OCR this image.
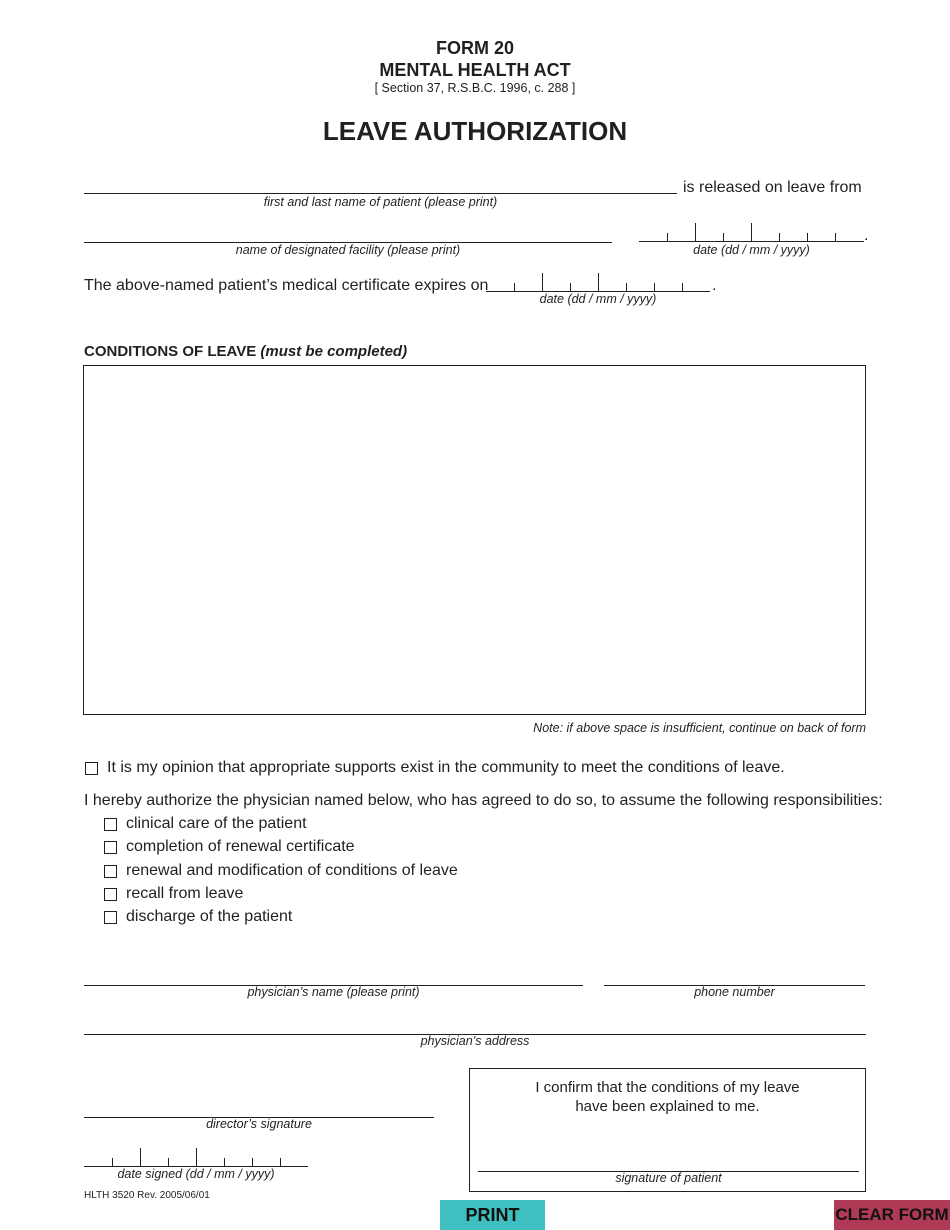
FORM 20
MENTAL HEALTH ACT
[ Section 37, R.S.B.C. 1996, c. 288 ]
LEAVE AUTHORIZATION
first and last name of patient (please print)
is released on leave from
name of designated facility (please print)
.
date (dd / mm / yyyy)
The above-named patient’s medical certificate expires on	.
date (dd / mm / yyyy)
CONDITIONS OF LEAVE (must be completed)
Note: if above space is insufficient, continue on back of form
It is my opinion that appropriate supports exist in the community to meet the conditions of leave.
I hereby authorize the physician named below, who has agreed to do so, to assume the following responsibilities:
clinical care of the patient
completion of renewal certificate
renewal and modification of conditions of leave
recall from leave
discharge of the patient
physician’s name (please print)	phone number
physician’s address
director’s signature
date signed (dd / mm / yyyy)
I confirm that the conditions of my leave
have been explained to me.
signature of patient
HLTH 3520 Rev. 2005/06/01
PRINT	CLEAR FORM
